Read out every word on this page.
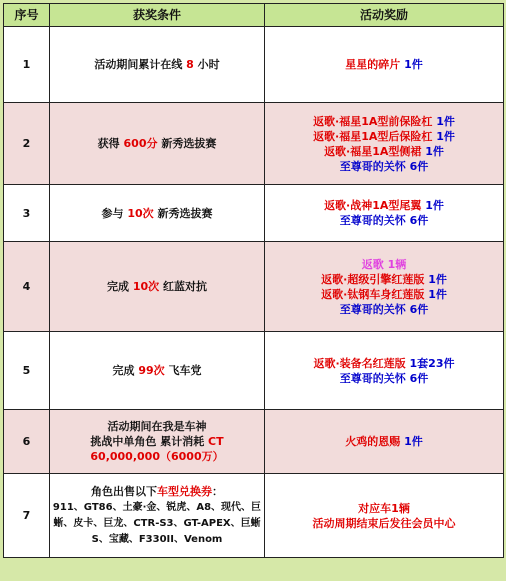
序号	获奖条件	活动奖励
1	活动期间累计在线 8 小时	星星的碎片 1件

2	获得 600分 新秀选拔赛	返歌·福星1A型前保险杠 1件
返歌·福星1A型后保险杠 1件
返歌·福星1A型侧裙 1件
至尊哥的关怀 6件

3	参与 10次 新秀选拔赛	返歌·战神1A型尾翼 1件
至尊哥的关怀 6件

4	完成 10次 红蓝对抗	返歌 1辆
返歌·超级引擎红莲版 1件
返歌·钛钢车身红莲版 1件
至尊哥的关怀 6件

5	完成 99次 飞车党	返歌·装备名红莲版 1套23件
至尊哥的关怀 6件

6	活动期间在我是车神
挑战中单角色 累计消耗 CT
60,000,000（6000万）	火鸡的恩赐 1件

7	角色出售以下车型兑换券：
911、GT86、土豪·金、锐虎、A8、现代、巨蜥、皮卡、巨龙、CTR-S3、GT-APEX、巨蜥S、宝藏、F330II、Venom	对应车1辆
活动周期结束后发往会员中心
